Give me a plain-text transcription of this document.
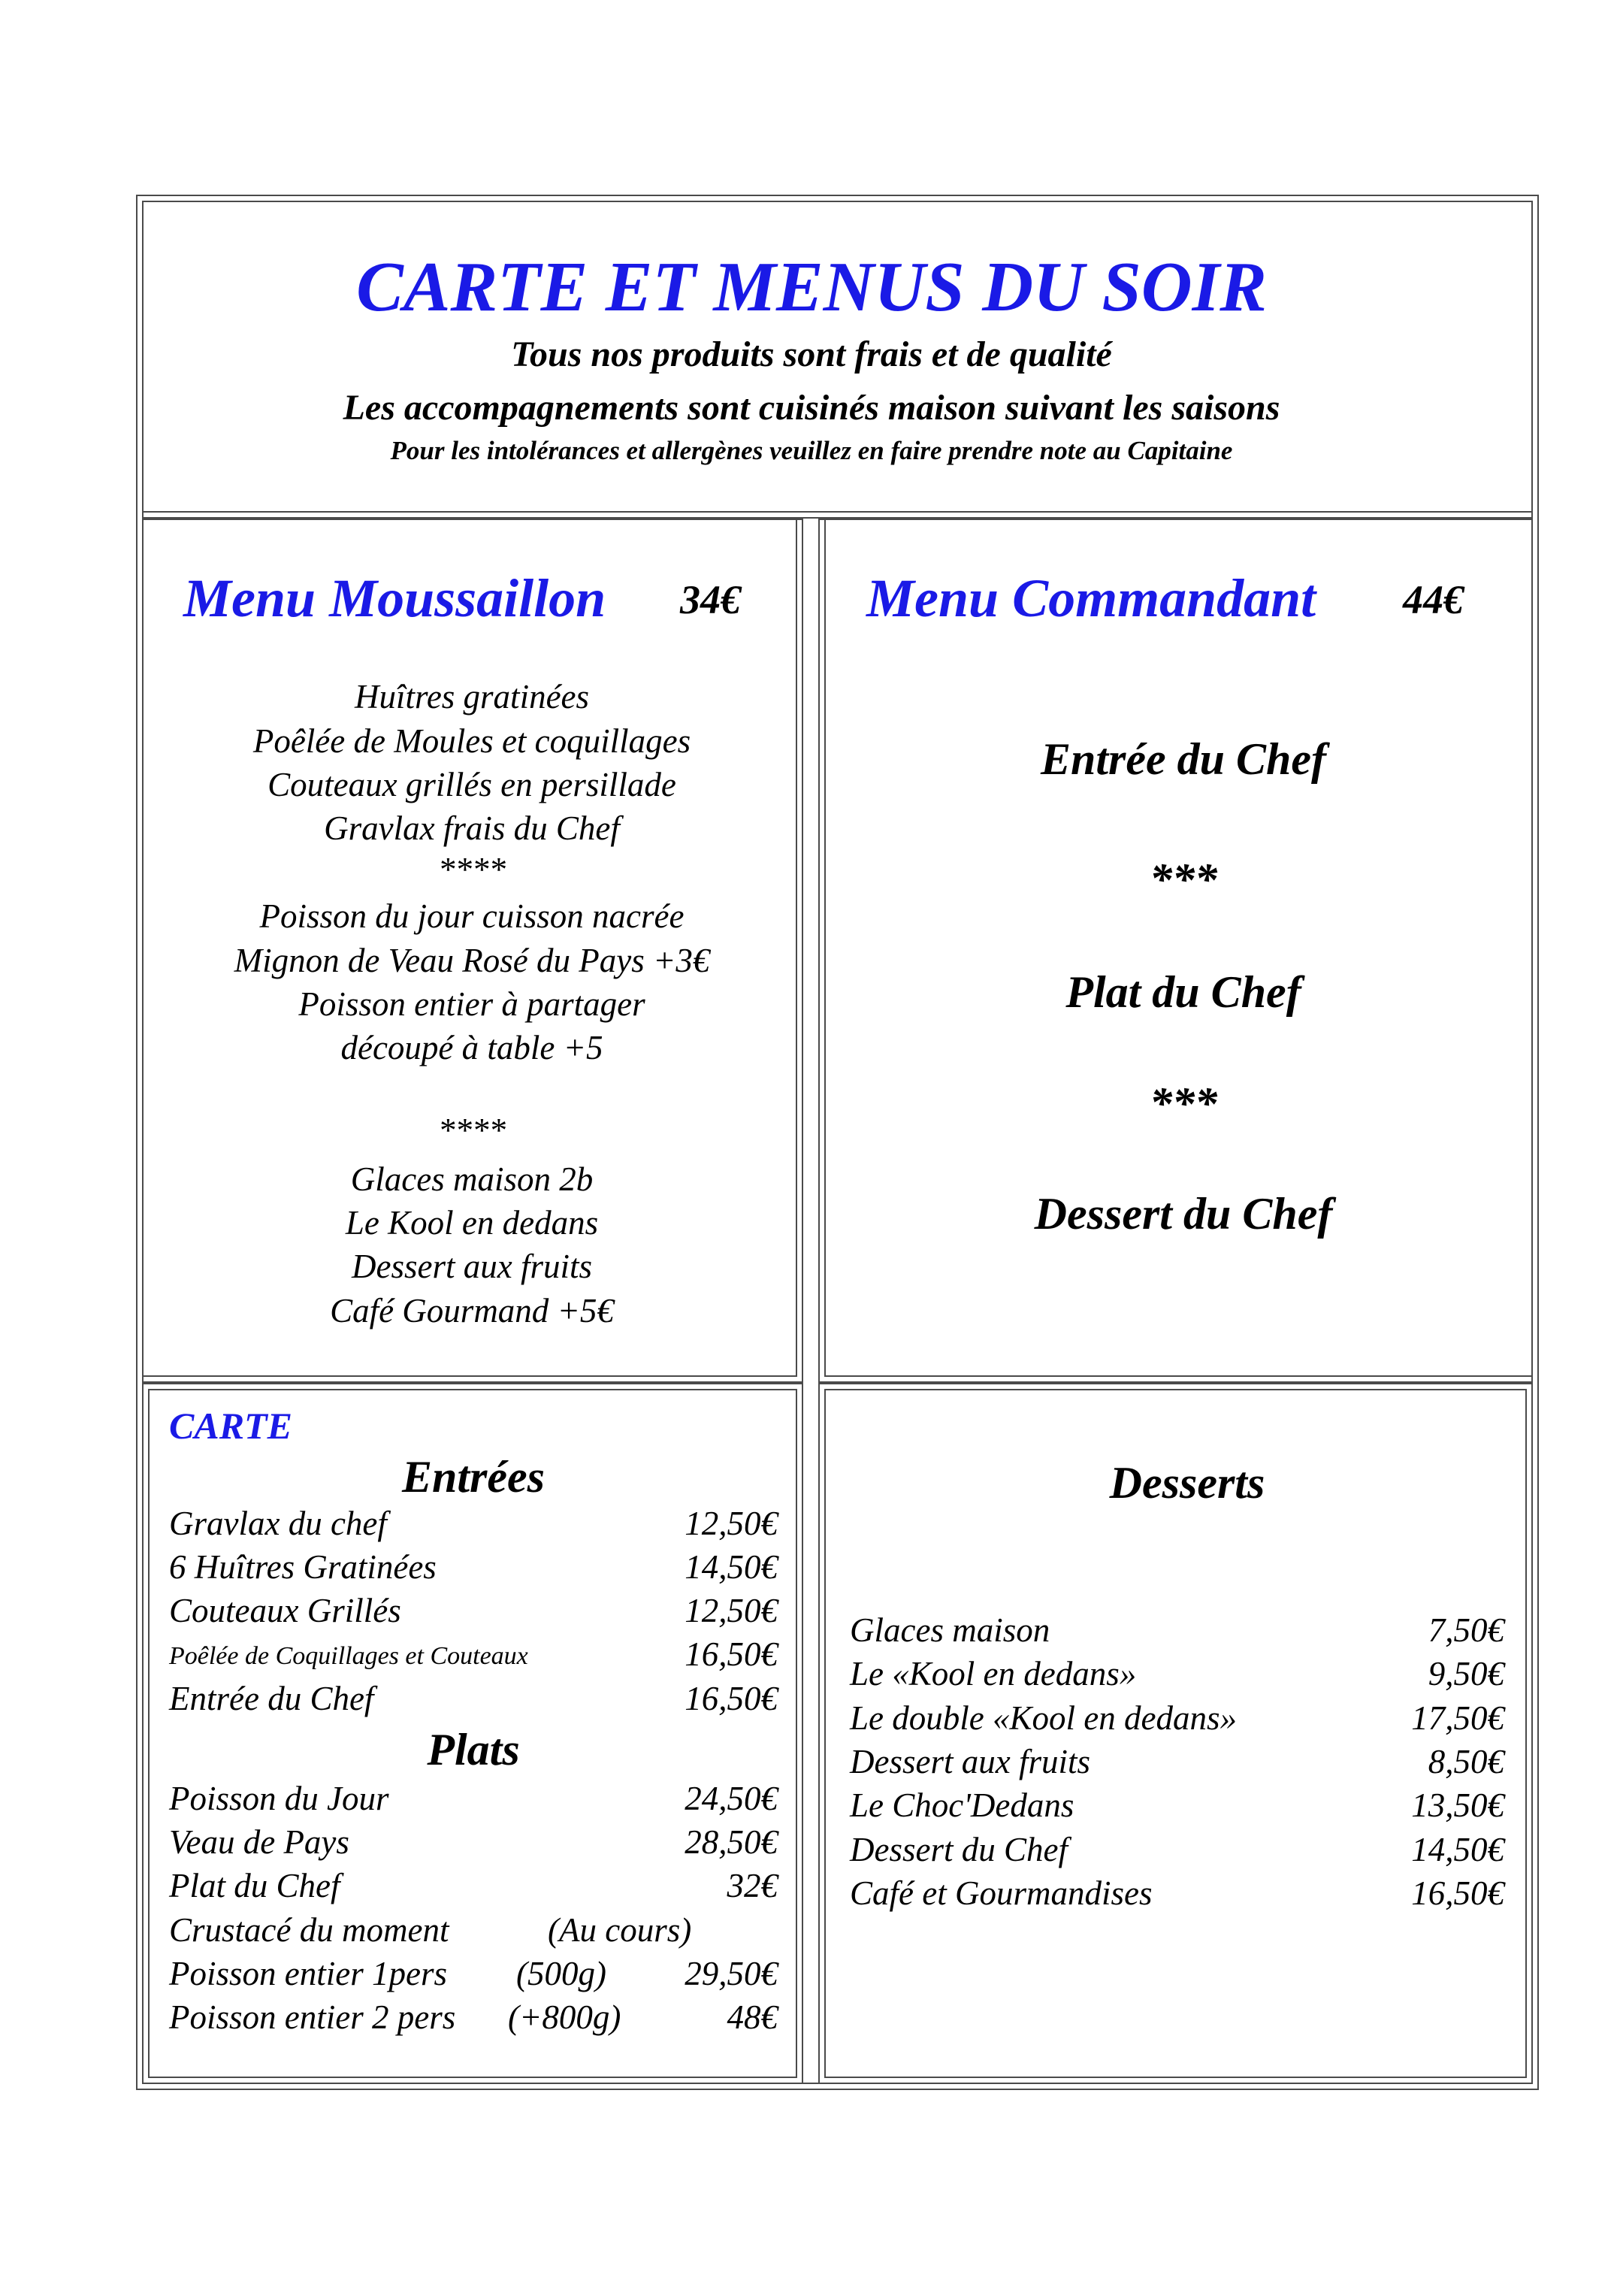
CARTE ET MENUS DU SOIR
Tous nos produits sont frais et de qualité
Les accompagnements sont cuisinés maison suivant les saisons
Pour les intolérances et allergènes veuillez en faire prendre note au Capitaine
Menu Moussaillon 34€
Huîtres gratinées
Poêlée de Moules et coquillages
Couteaux grillés en persillade
Gravlax frais du Chef
****
Poisson du jour cuisson nacrée
Mignon de Veau Rosé du Pays +3€
Poisson entier à partager
découpé à table +5
****
Glaces maison 2b
Le Kool en dedans
Dessert aux fruits
Café Gourmand +5€
Menu Commandant 44€
Entrée du Chef
***
Plat du Chef
***
Dessert du Chef
CARTE
Entrées
Gravlax du chef	12,50€
6 Huîtres Gratinées	14,50€
Couteaux Grillés	12,50€
Poêlée de Coquillages et Couteaux	16,50€
Entrée du Chef	16,50€
Plats
Poisson du Jour	24,50€
Veau de Pays	28,50€
Plat du Chef	32€
Crustacé du moment	(Au cours)
Poisson entier 1pers (500g) 29,50€
Poisson entier 2 pers (+800g)	48€
Desserts
Glaces maison	7,50€
Le «Kool en dedans»	9,50€
Le double «Kool en dedans»	17,50€
Dessert aux fruits	8,50€
Le Choc'Dedans	13,50€
Dessert du Chef	14,50€
Café et Gourmandises	16,50€
